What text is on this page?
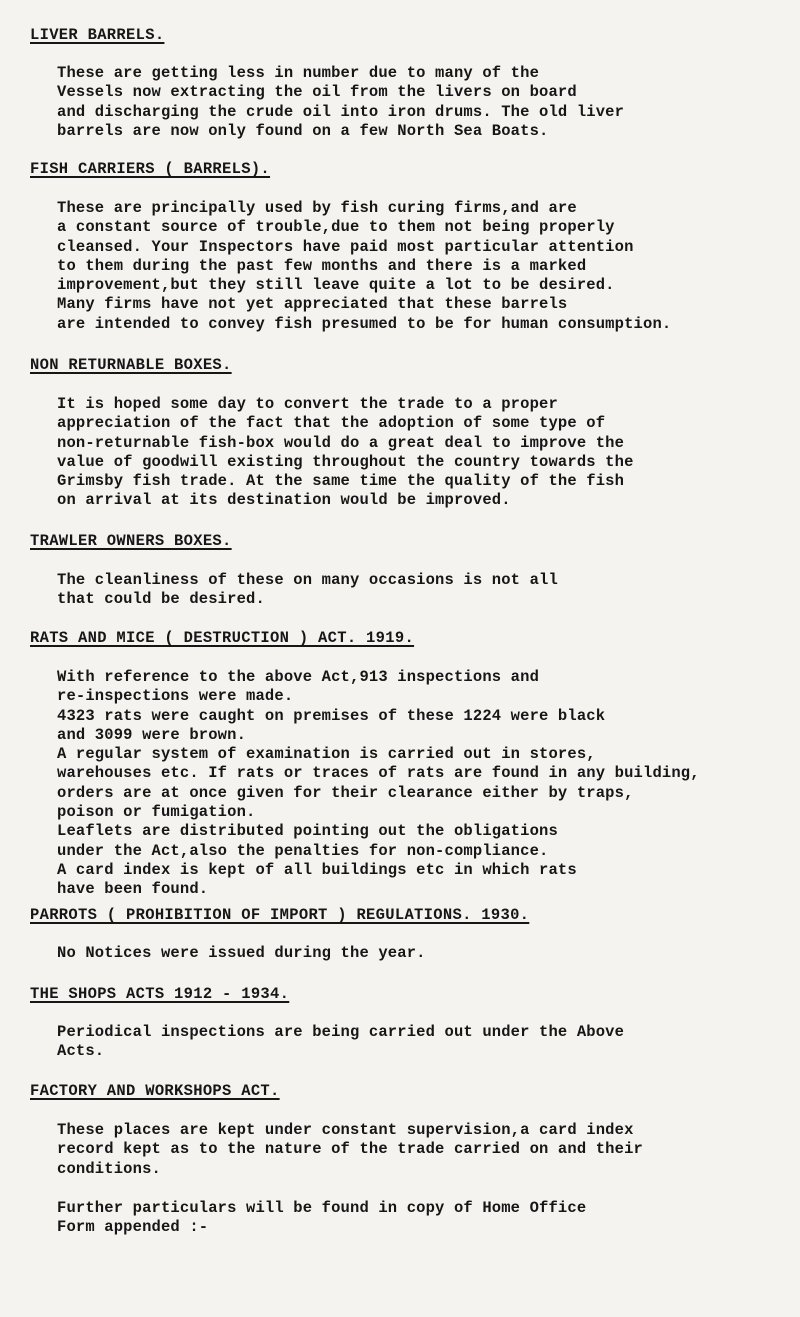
LIVER BARRELS.
These are getting less in number due to many of the
Vessels now extracting the oil from the livers on board
and discharging the crude oil into iron drums. The old liver
barrels are now only found on a few North Sea Boats.
FISH CARRIERS ( BARRELS).
These are principally used by fish curing firms,and are
a constant source of trouble,due to them not being properly
cleansed. Your Inspectors have paid most particular attention
to them during the past few months and there is a marked
improvement,but they still leave quite a lot to be desired.
Many firms have not yet appreciated that these barrels
are intended to convey fish presumed to be for human consumption.
NON RETURNABLE BOXES.
It is hoped some day to convert the trade to a proper
appreciation of the fact that the adoption of some type of
non-returnable fish-box would do a great deal to improve the
value of goodwill existing throughout the country towards the
Grimsby fish trade. At the same time the quality of the fish
on arrival at its destination would be improved.
TRAWLER OWNERS BOXES.
The cleanliness of these on many occasions is not all
that could be desired.
RATS AND MICE ( DESTRUCTION ) ACT. 1919.
With reference to the above Act,913 inspections and
re-inspections were made.
4323 rats were caught on premises of these 1224 were black
and 3099 were brown.
A regular system of examination is carried out in stores,
warehouses etc. If rats or traces of rats are found in any building,
orders are at once given for their clearance either by traps,
poison or fumigation.
Leaflets are distributed pointing out the obligations
under the Act,also the penalties for non-compliance.
A card index is kept of all buildings etc in which rats
have been found.
PARROTS ( PROHIBITION OF IMPORT ) REGULATIONS. 1930.
No Notices were issued during the year.
THE SHOPS ACTS 1912 - 1934.
Periodical inspections are being carried out under the Above
Acts.
FACTORY AND WORKSHOPS ACT.
These places are kept under constant supervision,a card index
record kept as to the nature of the trade carried on and their
conditions.
Further particulars will be found in copy of Home Office
Form appended :-
